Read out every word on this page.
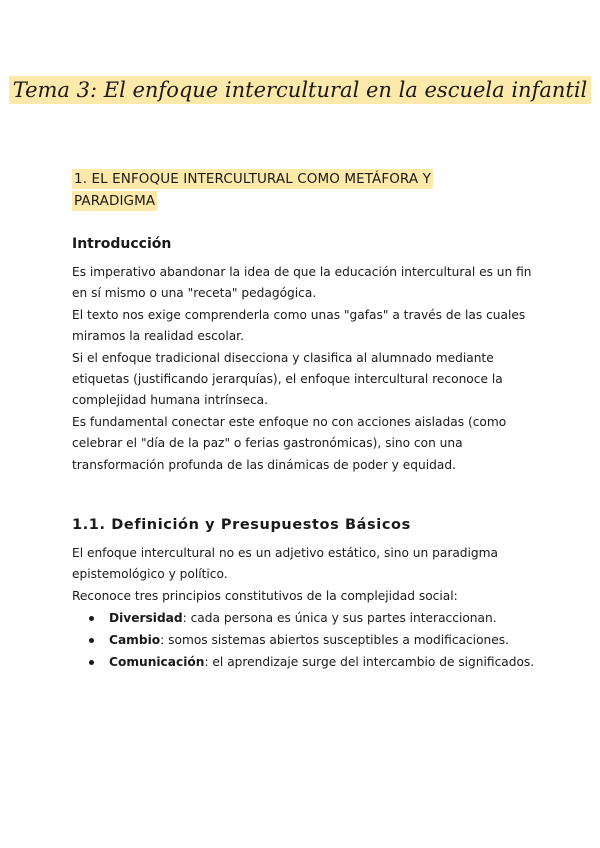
Tema 3: El enfoque intercultural en la escuela infantil
1. EL ENFOQUE INTERCULTURAL COMO METÁFORA Y PARADIGMA
Introducción

Es imperativo abandonar la idea de que la educación intercultural es un fin en sí mismo o una "receta" pedagógica.

El texto nos exige comprenderla como unas "gafas" a través de las cuales miramos la realidad escolar.

Si el enfoque tradicional disecciona y clasifica al alumnado mediante etiquetas (justificando jerarquías), el enfoque intercultural reconoce la complejidad humana intrínseca.

Es fundamental conectar este enfoque no con acciones aisladas (como celebrar el "día de la paz" o ferias gastronómicas), sino con una transformación profunda de las dinámicas de poder y equidad.

1.1. Definición y Presupuestos Básicos

El enfoque intercultural no es un adjetivo estático, sino un paradigma epistemológico y político.

Reconoce tres principios constitutivos de la complejidad social:

Diversidad: cada persona es única y sus partes interaccionan.
Cambio: somos sistemas abiertos susceptibles a modificaciones.
Comunicación: el aprendizaje surge del intercambio de significados.
